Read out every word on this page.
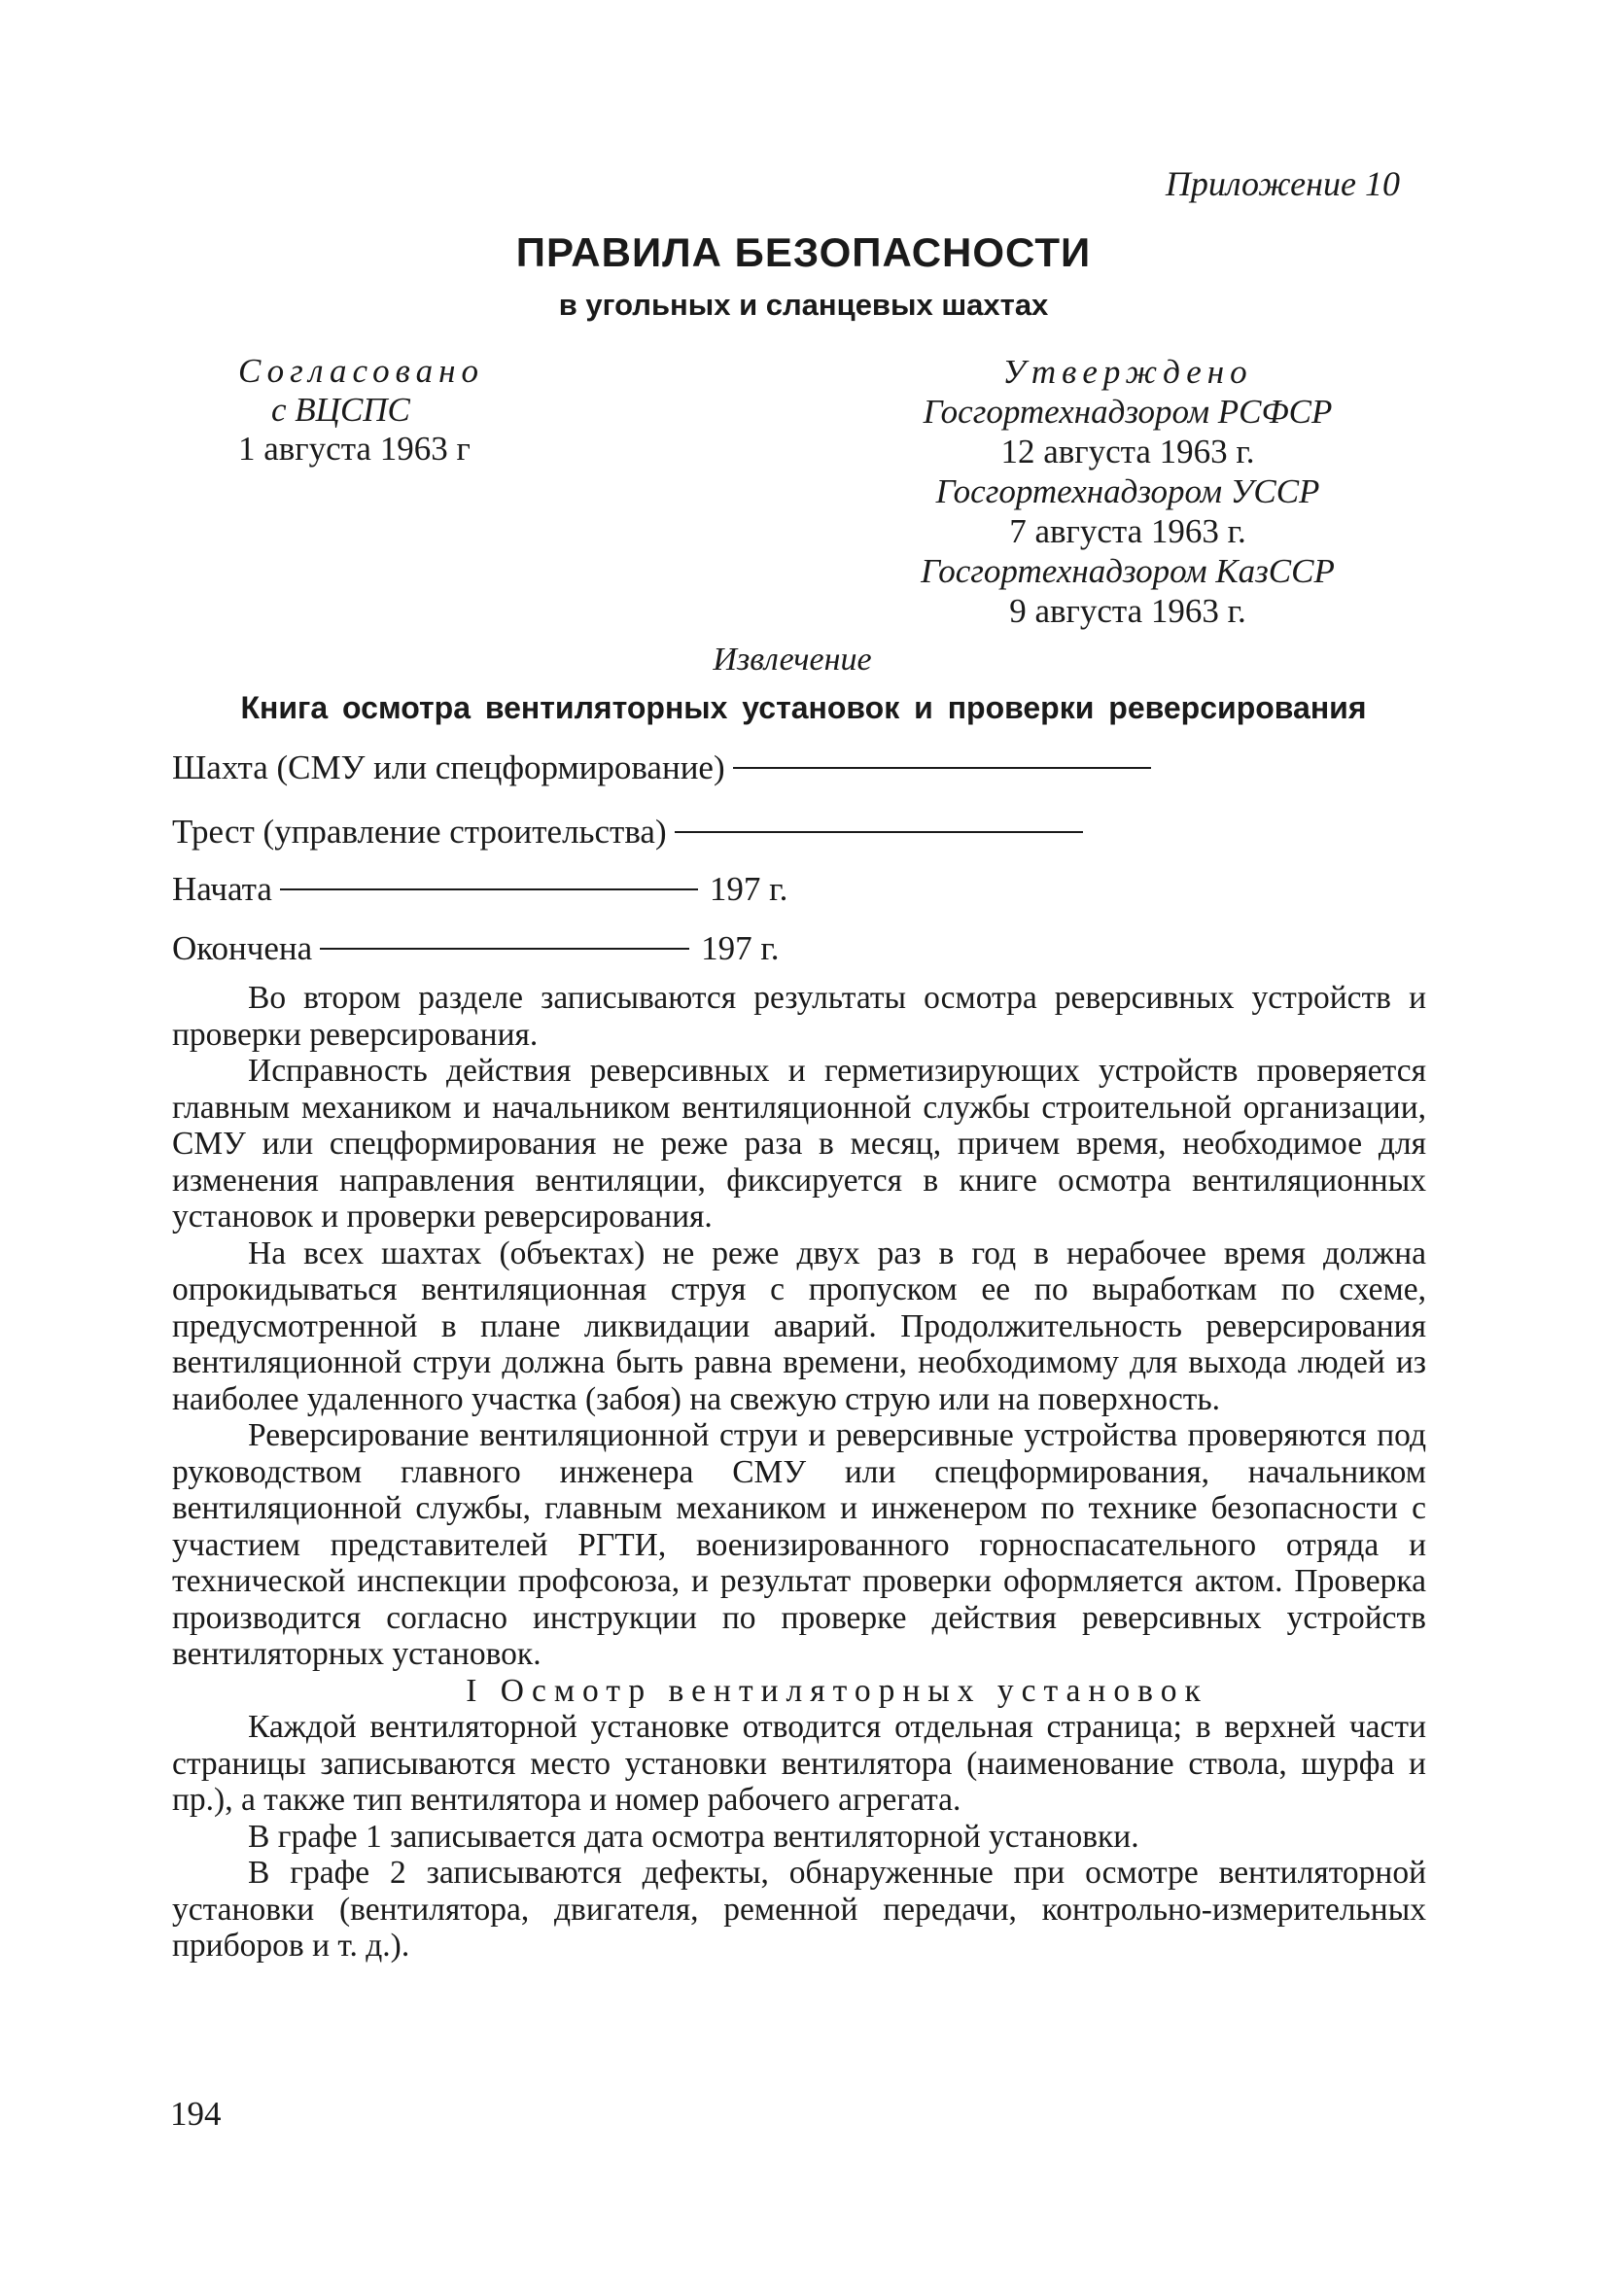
Приложение 10
ПРАВИЛА БЕЗОПАСНОСТИ
в угольных и сланцевых шахтах
Согласовано
с ВЦСПС
1 августа 1963 г
Утверждено
Госгортехнадзором РСФСР
12 августа 1963 г.
Госгортехнадзором УССР
7 августа 1963 г.
Госгортехнадзором КазССР
9 августа 1963 г.
Извлечение
Книга осмотра вентиляторных установок и проверки реверсирования
Шахта (СМУ или спецформирование)
Трест (управление строительства)
Начата	197 г.
Окончена	197 г.

Во втором разделе записываются результаты осмотра реверсивных устройств и проверки реверсирования.

Исправность действия реверсивных и герметизирующих устройств проверяется главным механиком и начальником вентиляционной службы строительной организации, СМУ или спецформирования не реже раза в месяц, причем время, необходимое для изменения направления вентиляции, фиксируется в книге осмотра вентиляционных установок и проверки реверсирования.

На всех шахтах (объектах) не реже двух раз в год в нерабочее время должна опрокидываться вентиляционная струя с пропуском ее по выработкам по схеме, предусмотренной в плане ликвидации аварий. Продолжительность реверсирования вентиляционной струи должна быть равна времени, необходимому для выхода людей из наиболее удаленного участка (забоя) на свежую струю или на поверхность.

Реверсирование вентиляционной струи и реверсивные устройства проверяются под руководством главного инженера СМУ или спецформирования, начальником вентиляционной службы, главным механиком и инженером по технике безопасности с участием представителей РГТИ, военизированного горноспасательного отряда и технической инспекции профсоюза, и результат проверки оформляется актом. Проверка производится согласно инструкции по проверке действия реверсивных устройств вентиляторных установок.

I Осмотр вентиляторных установок

Каждой вентиляторной установке отводится отдельная страница; в верхней части страницы записываются место установки вентилятора (наименование ствола, шурфа и пр.), а также тип вентилятора и номер рабочего агрегата.

В графе 1 записывается дата осмотра вентиляторной установки.

В графе 2 записываются дефекты, обнаруженные при осмотре вентиляторной установки (вентилятора, двигателя, ременной передачи, контрольно-измерительных приборов и т. д.).

194
